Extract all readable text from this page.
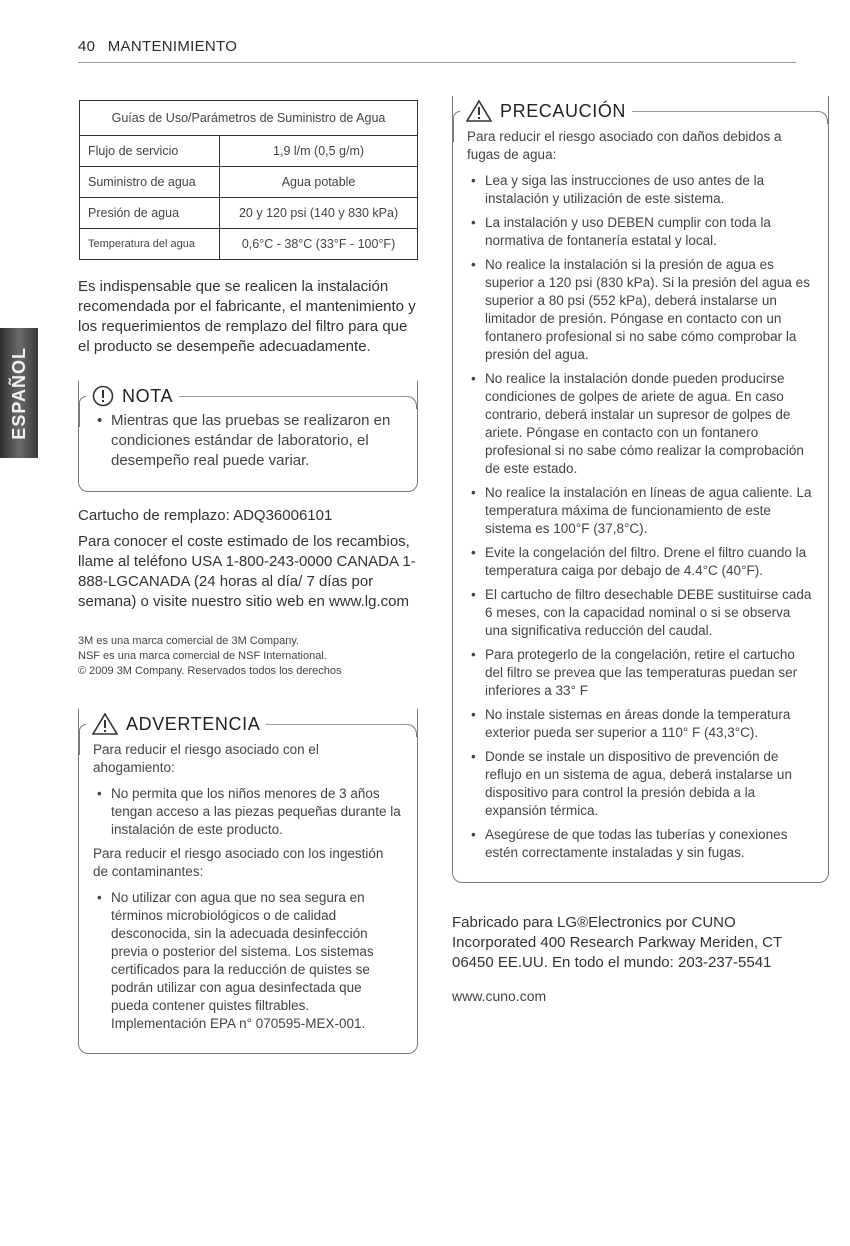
40 MANTENIMIENTO
ESPAÑOL
Guías de Uso/Parámetros de Suministro de Agua	
Flujo de servicio	1,9 l/m (0,5 g/m)
Suministro de agua	Agua potable
Presión de agua	20 y 120 psi (140 y 830 kPa)
Temperatura del agua	0,6°C - 38°C (33°F - 100°F)

Es indispensable que se realicen la instalación recomendada por el fabricante, el mantenimiento y los requerimientos de remplazo del filtro para que el producto se desempeñe adecuadamente.

NOTA
• Mientras que las pruebas se realizaron en condiciones estándar de laboratorio, el desempeño real puede variar.

Cartucho de remplazo: ADQ36006101

Para conocer el coste estimado de los recambios, llame al teléfono USA 1-800-243-0000 CANADA 1-888-LGCANADA (24 horas al día/ 7 días por semana) o visite nuestro sitio web en www.lg.com

3M es una marca comercial de 3M Company.
NSF es una marca comercial de NSF International.
© 2009 3M Company. Reservados todos los derechos
ADVERTENCIA

Para reducir el riesgo asociado con el ahogamiento:

• No permita que los niños menores de 3 años tengan acceso a las piezas pequeñas durante la instalación de este producto.

Para reducir el riesgo asociado con los ingestión de contaminantes:

• No utilizar con agua que no sea segura en términos microbiológicos o de calidad desconocida, sin la adecuada desinfección previa o posterior del sistema. Los sistemas certificados para la reducción de quistes se podrán utilizar con agua desinfectada que pueda contener quistes filtrables. Implementación EPA n° 070595-MEX-001.
PRECAUCIÓN

Para reducir el riesgo asociado con daños debidos a fugas de agua:

• Lea y siga las instrucciones de uso antes de la instalación y utilización de este sistema.
• La instalación y uso DEBEN cumplir con toda la normativa de fontanería estatal y local.
• No realice la instalación si la presión de agua es superior a 120 psi (830 kPa). Si la presión del agua es superior a 80 psi (552 kPa), deberá instalarse un limitador de presión. Póngase en contacto con un fontanero profesional si no sabe cómo comprobar la presión del agua.
• No realice la instalación donde pueden producirse condiciones de golpes de ariete de agua. En caso contrario, deberá instalar un supresor de golpes de ariete. Póngase en contacto con un fontanero profesional si no sabe cómo realizar la comprobación de este estado.
• No realice la instalación en líneas de agua caliente. La temperatura máxima de funcionamiento de este sistema es 100°F (37,8°C).
• Evite la congelación del filtro. Drene el filtro cuando la temperatura caiga por debajo de 4.4°C (40°F).
• El cartucho de filtro desechable DEBE sustituirse cada 6 meses, con la capacidad nominal o si se observa una significativa reducción del caudal.
• Para protegerlo de la congelación, retire el cartucho del filtro se prevea que las temperaturas puedan ser inferiores a 33° F
• No instale sistemas en áreas donde la temperatura exterior pueda ser superior a 110° F (43,3°C).
• Donde se instale un dispositivo de prevención de reflujo en un sistema de agua, deberá instalarse un dispositivo para control la presión debida a la expansión térmica.
• Asegúrese de que todas las tuberías y conexiones estén correctamente instaladas y sin fugas.

Fabricado para LG®Electronics por CUNO Incorporated 400 Research Parkway Meriden, CT 06450 EE.UU. En todo el mundo: 203-237-5541

www.cuno.com
